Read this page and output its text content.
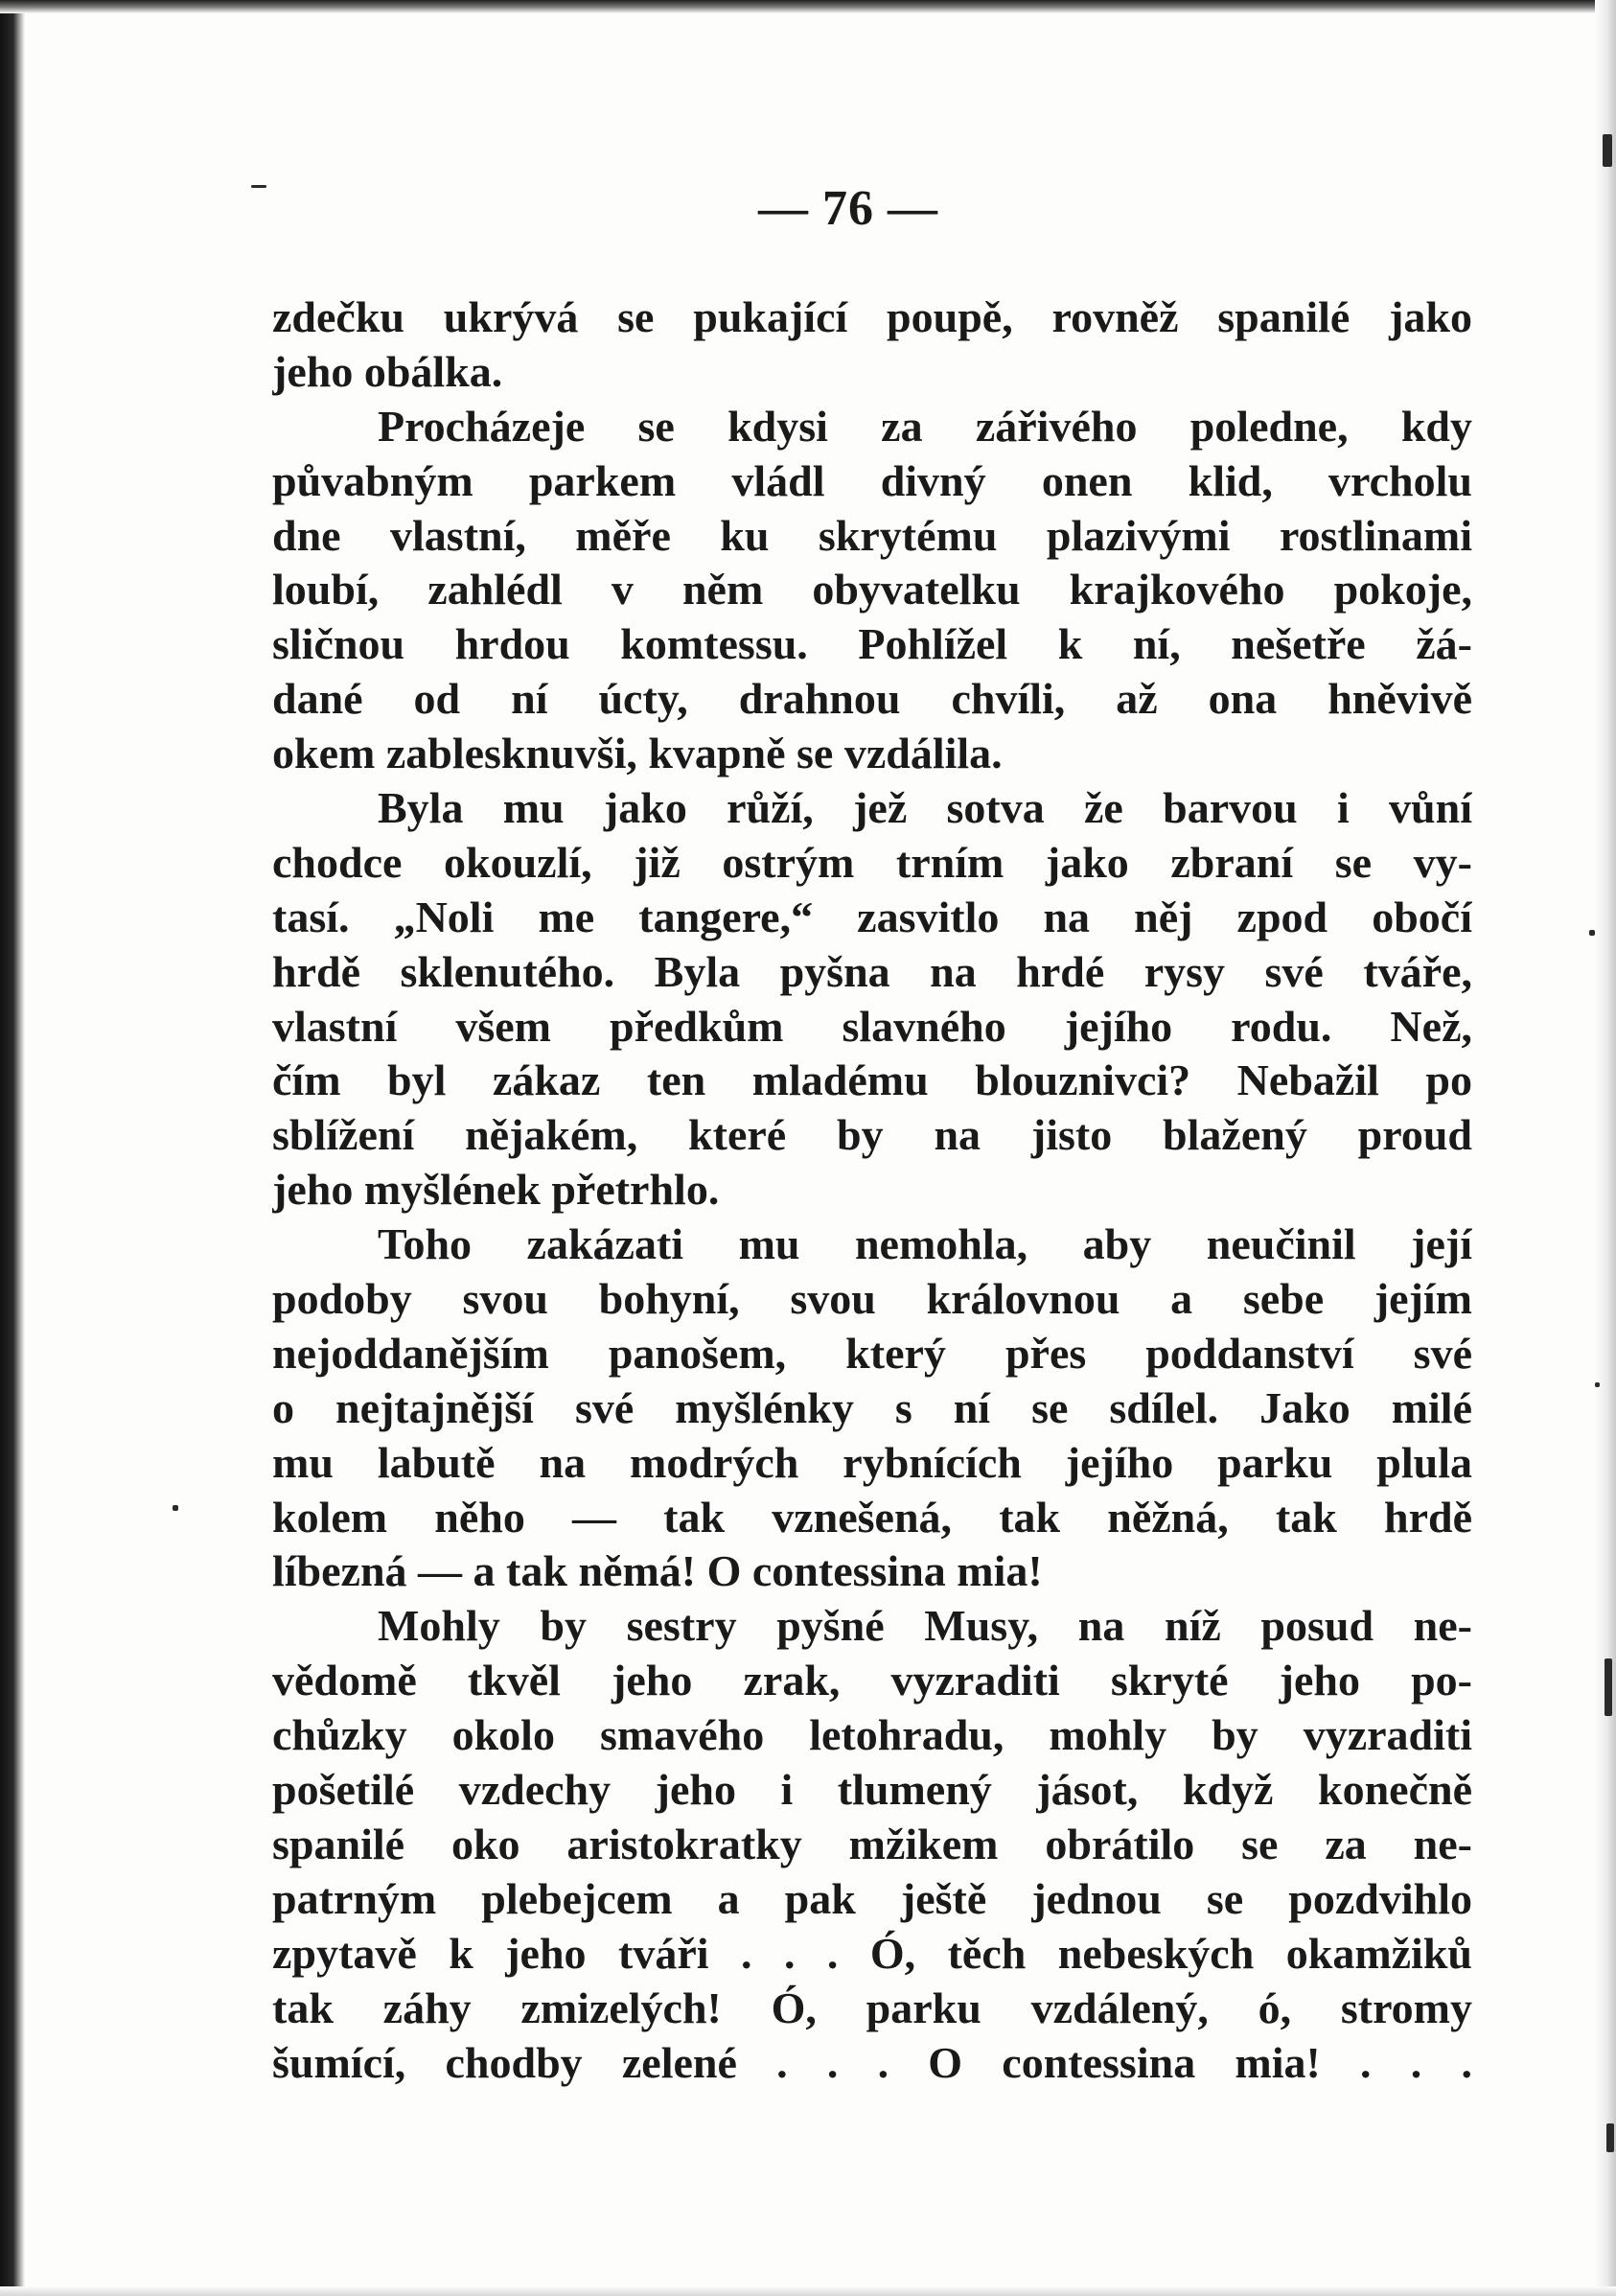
— 76 —
zdečku ukrývá se pukající poupě, rovněž spanilé jako
jeho obálka.
Procházeje se kdysi za zářivého poledne, kdy
půvabným parkem vládl divný onen klid, vrcholu
dne vlastní, měře ku skrytému plazivými rostlinami
loubí, zahlédl v něm obyvatelku krajkového pokoje,
sličnou hrdou komtessu. Pohlížel k ní, nešetře žá-
dané od ní úcty, drahnou chvíli, až ona hněvivě
okem zablesknuvši, kvapně se vzdálila.
Byla mu jako růží, jež sotva že barvou i vůní
chodce okouzlí, již ostrým trním jako zbraní se vy-
tasí. „Noli me tangere,“ zasvitlo na něj zpod obočí
hrdě sklenutého. Byla pyšna na hrdé rysy své tváře,
vlastní všem předkům slavného jejího rodu. Než,
čím byl zákaz ten mladému blouznivci? Nebažil po
sblížení nějakém, které by na jisto blažený proud
jeho myšlének přetrhlo.
Toho zakázati mu nemohla, aby neučinil její
podoby svou bohyní, svou královnou a sebe jejím
nejoddanějším panošem, který přes poddanství své
o nejtajnější své myšlénky s ní se sdílel. Jako milé
mu labutě na modrých rybnících jejího parku plula
kolem něho — tak vznešená, tak něžná, tak hrdě
líbezná — a tak němá! O contessina mia!
Mohly by sestry pyšné Musy, na níž posud ne-
vědomě tkvěl jeho zrak, vyzraditi skryté jeho po-
chůzky okolo smavého letohradu, mohly by vyzraditi
pošetilé vzdechy jeho i tlumený jásot, když konečně
spanilé oko aristokratky mžikem obrátilo se za ne-
patrným plebejcem a pak ještě jednou se pozdvihlo
zpytavě k jeho tváři . . . Ó, těch nebeských okamžiků
tak záhy zmizelých! Ó, parku vzdálený, ó, stromy
šumící, chodby zelené . . . O contessina mia! . . .
